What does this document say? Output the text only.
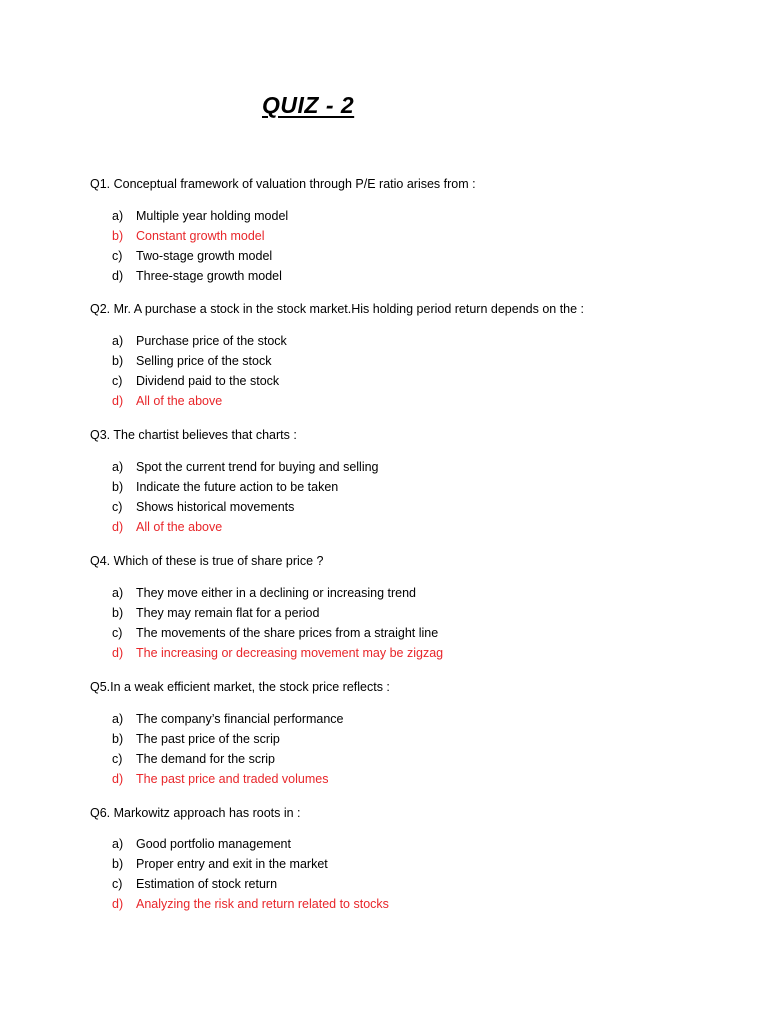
QUIZ - 2

Q1. Conceptual framework of valuation through P/E ratio arises from :

a) Multiple year holding model
b) Constant growth model
c) Two-stage growth model
d) Three-stage growth model

Q2. Mr. A purchase a stock in the stock market.His holding period return depends on the :

a) Purchase price of the stock
b) Selling price of the stock
c) Dividend paid to the stock
d) All of the above

Q3. The chartist believes that charts :

a) Spot the current trend for buying and selling
b) Indicate the future action to be taken
c) Shows historical movements
d) All of the above

Q4. Which of these is true of share price ?

a) They move either in a declining or increasing trend
b) They may remain flat for a period
c) The movements of the share prices from a straight line
d) The increasing or decreasing movement may be zigzag

Q5.In a weak efficient market, the stock price reflects :

a) The company’s financial performance
b) The past price of the scrip
c) The demand for the scrip
d) The past price and traded volumes

Q6. Markowitz approach has roots in :

a) Good portfolio management
b) Proper entry and exit in the market
c) Estimation of stock return
d) Analyzing the risk and return related to stocks
